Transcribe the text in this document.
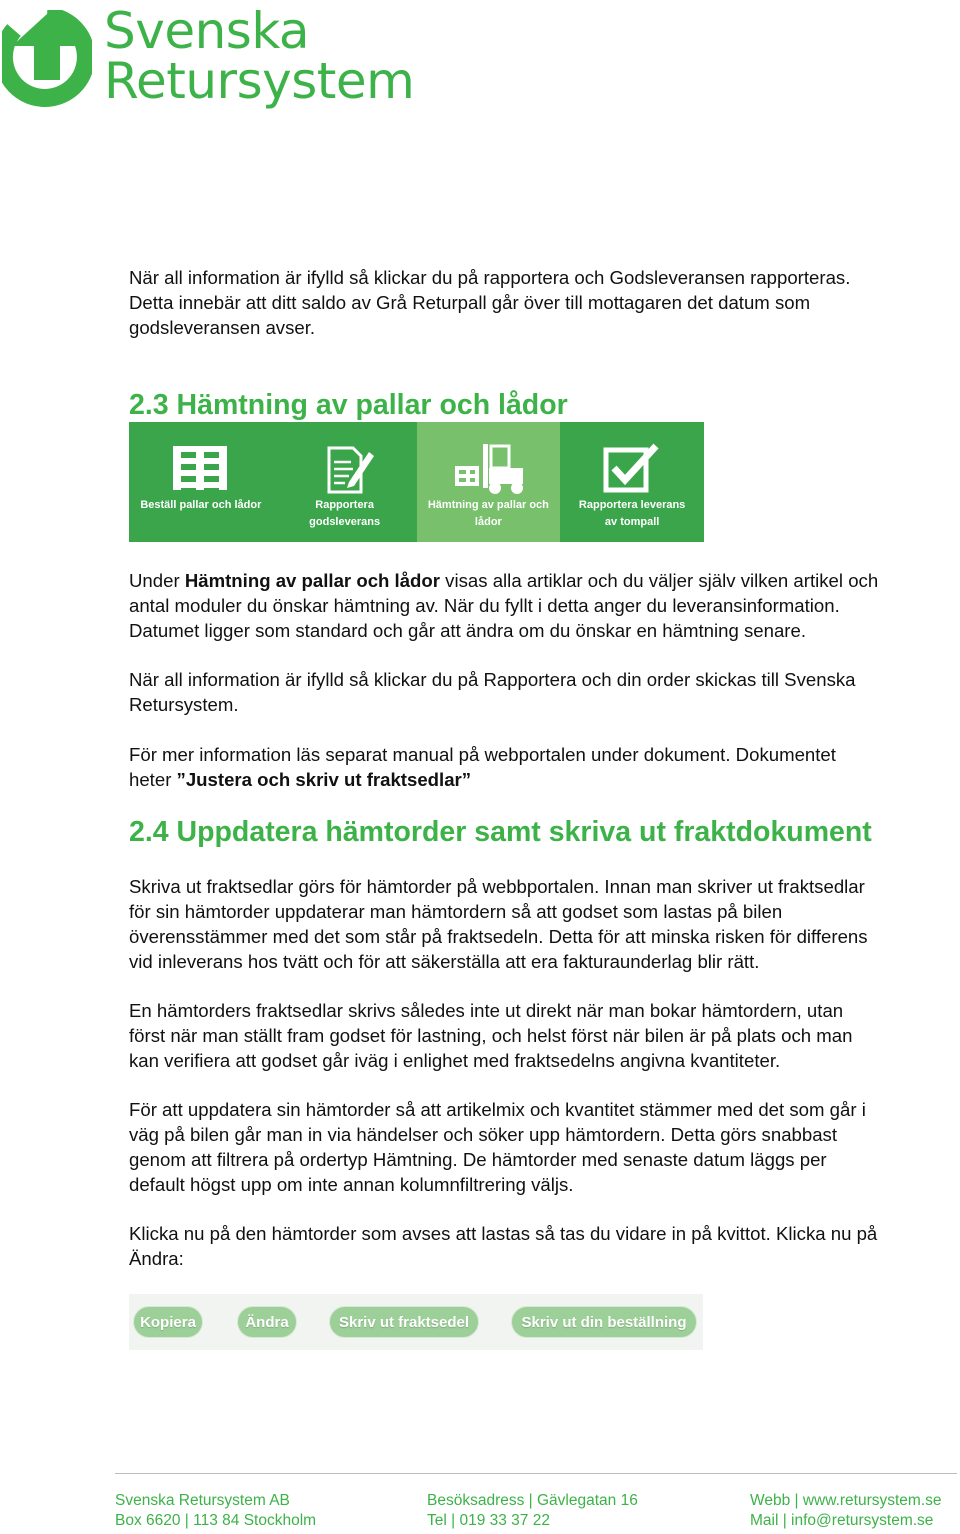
Svenska
Retursystem
När all information är ifylld så klickar du på rapportera och Godsleveransen rapporteras.
Detta innebär att ditt saldo av Grå Returpall går över till mottagaren det datum som
godsleveransen avser.
2.3 Hämtning av pallar och lådor
Beställ pallar och lådor	Rapportera
godsleverans
Hämtning av pallar och
lådor
Rapportera leverans
av tompall
Under Hämtning av pallar och lådor visas alla artiklar och du väljer själv vilken artikel och
antal moduler du önskar hämtning av. När du fyllt i detta anger du leveransinformation.
Datumet ligger som standard och går att ändra om du önskar en hämtning senare.
När all information är ifylld så klickar du på Rapportera och din order skickas till Svenska
Retursystem.
För mer information läs separat manual på webportalen under dokument. Dokumentet
heter ”Justera och skriv ut fraktsedlar”
2.4 Uppdatera hämtorder samt skriva ut fraktdokument
Skriva ut fraktsedlar görs för hämtorder på webbportalen. Innan man skriver ut fraktsedlar
för sin hämtorder uppdaterar man hämtordern så att godset som lastas på bilen
överensstämmer med det som står på fraktsedeln. Detta för att minska risken för differens
vid inleverans hos tvätt och för att säkerställa att era fakturaunderlag blir rätt.
En hämtorders fraktsedlar skrivs således inte ut direkt när man bokar hämtordern, utan
först när man ställt fram godset för lastning, och helst först när bilen är på plats och man
kan verifiera att godset går iväg i enlighet med fraktsedelns angivna kvantiteter.
För att uppdatera sin hämtorder så att artikelmix och kvantitet stämmer med det som går i
väg på bilen går man in via händelser och söker upp hämtordern. Detta görs snabbast
genom att filtrera på ordertyp Hämtning. De hämtorder med senaste datum läggs per
default högst upp om inte annan kolumnfiltrering väljs.
Klicka nu på den hämtorder som avses att lastas så tas du vidare in på kvittot. Klicka nu på
Ändra:
Kopiera	Ändra	Skriv ut fraktsedel	Skriv ut din beställning
Svenska Retursystem AB
Box 6620 | 113 84 Stockholm
Besöksadress | Gävlegatan 16
Tel | 019 33 37 22
Webb | www.retursystem.se
Mail | info@retursystem.se
